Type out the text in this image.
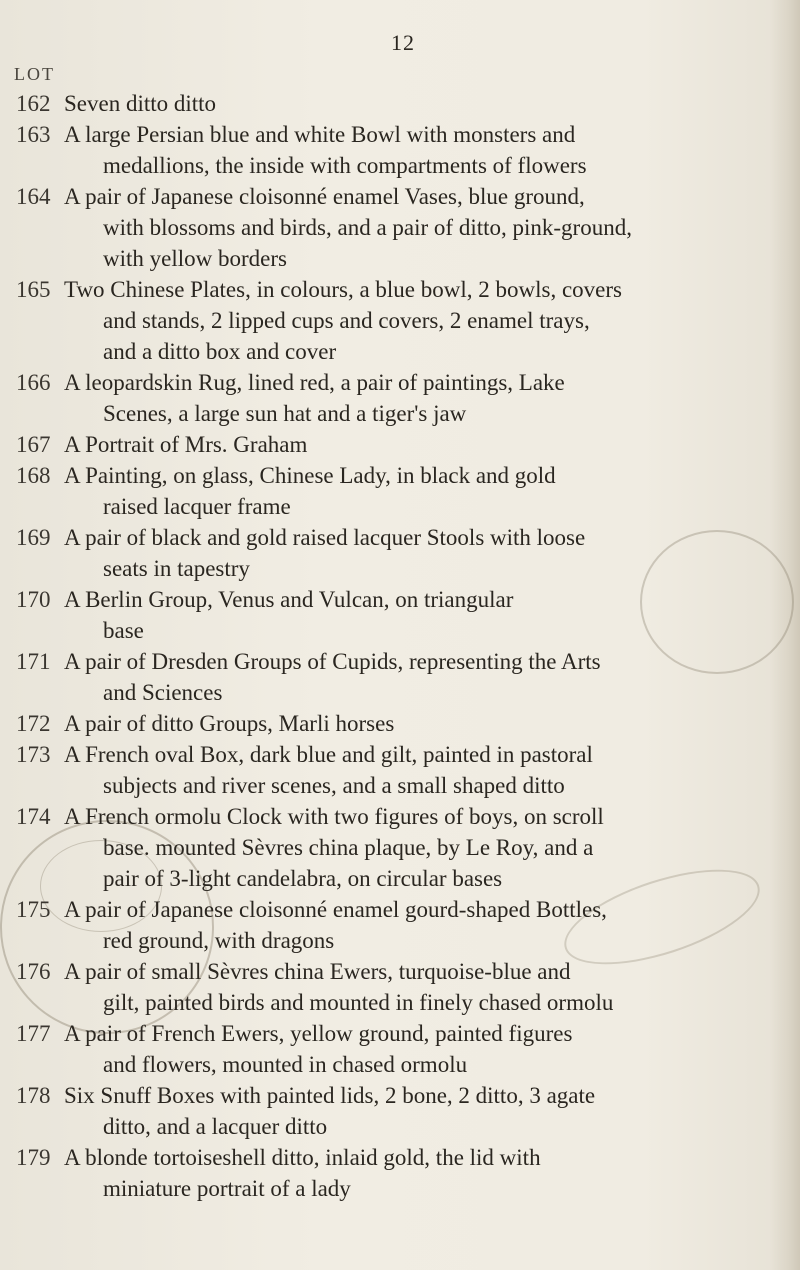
12
LOT
162 Seven ditto ditto
163 A large Persian blue and white Bowl with monsters and
medallions, the inside with compartments of flowers
164 A pair of Japanese cloisonné enamel Vases, blue ground,
with blossoms and birds, and a pair of ditto, pink-ground,
with yellow borders
165 Two Chinese Plates, in colours, a blue bowl, 2 bowls, covers
and stands, 2 lipped cups and covers, 2 enamel trays,
and a ditto box and cover
166 A leopardskin Rug, lined red, a pair of paintings, Lake
Scenes, a large sun hat and a tiger's jaw
167 A Portrait of Mrs. Graham
168 A Painting, on glass, Chinese Lady, in black and gold
raised lacquer frame
169 A pair of black and gold raised lacquer Stools with loose
seats in tapestry
170 A Berlin Group, Venus and Vulcan, on triangular
base
171 A pair of Dresden Groups of Cupids, representing the Arts
and Sciences
172 A pair of ditto Groups, Marli horses
173 A French oval Box, dark blue and gilt, painted in pastoral
subjects and river scenes, and a small shaped ditto
174 A French ormolu Clock with two figures of boys, on scroll
base. mounted Sèvres china plaque, by Le Roy, and a
pair of 3-light candelabra, on circular bases
175 A pair of Japanese cloisonné enamel gourd-shaped Bottles,
red ground, with dragons
176 A pair of small Sèvres china Ewers, turquoise-blue and
gilt, painted birds and mounted in finely chased ormolu
177 A pair of French Ewers, yellow ground, painted figures
and flowers, mounted in chased ormolu
178 Six Snuff Boxes with painted lids, 2 bone, 2 ditto, 3 agate
ditto, and a lacquer ditto
179 A blonde tortoiseshell ditto, inlaid gold, the lid with
miniature portrait of a lady
